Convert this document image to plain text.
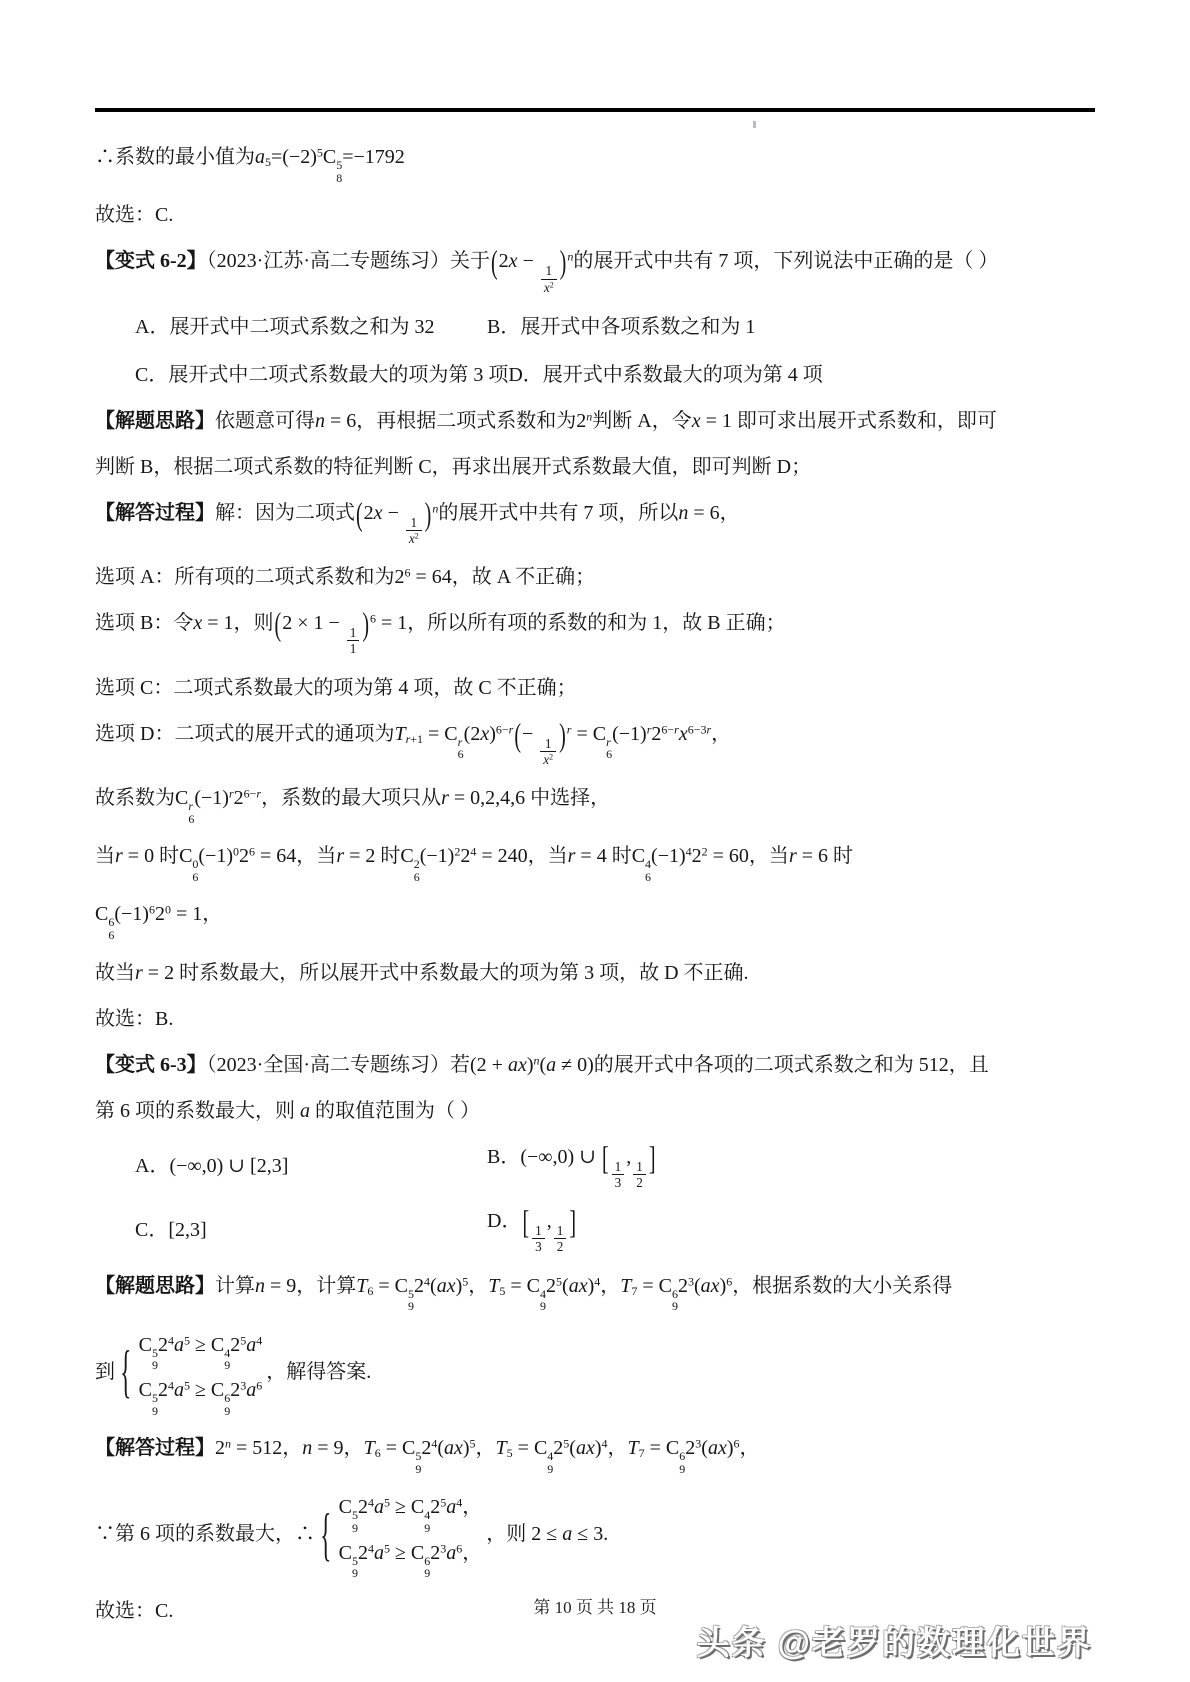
∴系数的最小值为$a5=(-2)^5C$ 5
8
=−1792
故选：C.
【变式 6-2】（2023·江苏·高二专题练习）关于(2x −
$\frac{1}{x^2} )^n$的展开式中共有 7 项，下列说法中正确的是（ ）
A．展开式中二项式系数之和为 32	B．展开式中各项系数之和为 1
C．展开式中二项式系数最大的项为第 3 项D．展开式中系数最大的项为第 4 项
【解题思路】依题意可得n = 6，再根据二项式系数和为2$^n$判断 A，令x = 1 即可求出展开式系数和，即可
判断 B，根据二项式系数的特征判断 C，再求出展开式系数最大值，即可判断 D；
【解答过程】解：因为二项式(2x −
$\frac{1}{x^2} )^n$的展开式中共有 7 项，所以n = 6，
选项 A：所有项的二项式系数和为$2^6 = 64$，故 A 不正确；
选项 B：令x = 1，则(2 × 1 −
$\frac{1}{1} )^6 = 1$，所以所有项的系数的和为 1，故 B 正确；
选项 C：二项式系数最大的项为第 4 项，故 C 不正确；
选项 D：二项式的展开式的通项为Tr+1 = C r
6
$(2x)^{6-r}(-$
$\frac{1}{x^2} )^r = C$ r
6
$(-1)^r2^{6-r}x^{6-3r}$，
故系数为C r
6
$(-1)^r2^{6-r}$，系数的最大项只从r = 0,2,4,6 中选择，
当r = 0 时C 0
6
$(-1)^02^6 = 64$，当r = 2 时C 2
6
$(-1)^22^4 = 240$，当r = 4 时C 4
6
$(-1)^42^2 = 60$，当r = 6 时
C 6
6
$(-1)^62^0 = 1$，
故当r = 2 时系数最大，所以展开式中系数最大的项为第 3 项，故 D 不正确.
故选：B.
【变式 6-3】（2023·全国·高二专题练习）若(2 + ax)$^n$(a ≠ 0)的展开式中各项的二项式系数之和为 512，且
第 6 项的系数最大，则 a 的取值范围为（ ）
A．(−∞,0) ∪ [2,3]	B．(−∞,0) ∪ [ $\frac{1}{3}$
,
$\frac{1}{2}$ ]
C．[2,3]	D．[ $\frac{1}{3}$
,
$\frac{1}{2}$ ]
【解题思路】计算n = 9，计算T6 = C 5
9
$2^4(ax)^5$，T5 = C 4
9
$2^5(ax)^4$，T7 = C 6
9
$2^3(ax)^6$，根据系数的大小关系得
到 { C 5
9
$2^4a^5 \ge C$ 4
9
$2^5a^4$
C 5
9
$2^4a^5 \ge C$ 6
9
$2^3a^6$
，解得答案.
【解答过程】$2^n = 512$，n = 9，T6 = C 5
9
$2^4(ax)^5$，T5 = C 4
9
$2^5(ax)^4$，T7 = C 6
9
$2^3(ax)^6$，
∵第 6 项的系数最大，∴ { C 5
9
$2^4a^5 \ge C$ 4
9
$2^5a^4$，
C 5
9
$2^4a^5 \ge C$ 6
9
$2^3a^6$，
，则 2 ≤ a ≤ 3.
故选：C.	第 10 页 共 18 页
头条 @老罗的数理化世界
